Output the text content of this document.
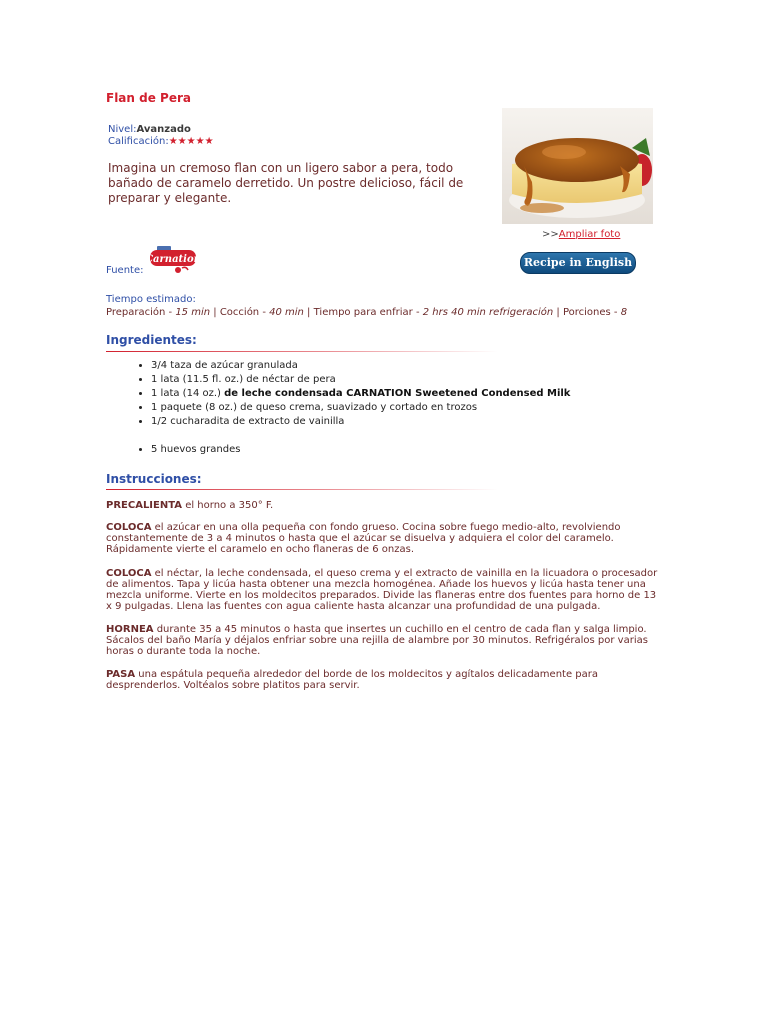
Flan de Pera
Nivel:Avanzado
Calificación:★★★★★
Imagina un cremoso flan con un ligero sabor a pera, todo bañado de caramelo derretido. Un postre delicioso, fácil de preparar y elegante.
>>Ampliar foto
Fuente:
Carnation	Recipe in English
Tiempo estimado:
Preparación - 15 min | Cocción - 40 min | Tiempo para enfriar - 2 hrs 40 min refrigeración | Porciones - 8
Ingredientes:
• 3/4 taza de azúcar granulada
• 1 lata (11.5 fl. oz.) de néctar de pera
• 1 lata (14 oz.) de leche condensada CARNATION Sweetened Condensed Milk
• 1 paquete (8 oz.) de queso crema, suavizado y cortado en trozos
• 1/2 cucharadita de extracto de vainilla
• 5 huevos grandes
Instrucciones:
PRECALIENTA el horno a 350° F.
COLOCA el azúcar en una olla pequeña con fondo grueso. Cocina sobre fuego medio-alto, revolviendo constantemente de 3 a 4 minutos o hasta que el azúcar se disuelva y adquiera el color del caramelo. Rápidamente vierte el caramelo en ocho flaneras de 6 onzas.
COLOCA el néctar, la leche condensada, el queso crema y el extracto de vainilla en la licuadora o procesador de alimentos. Tapa y licúa hasta obtener una mezcla homogénea. Añade los huevos y licúa hasta tener una mezcla uniforme. Vierte en los moldecitos preparados. Divide las flaneras entre dos fuentes para horno de 13 x 9 pulgadas. Llena las fuentes con agua caliente hasta alcanzar una profundidad de una pulgada.
HORNEA durante 35 a 45 minutos o hasta que insertes un cuchillo en el centro de cada flan y salga limpio. Sácalos del baño María y déjalos enfriar sobre una rejilla de alambre por 30 minutos. Refrigéralos por varias horas o durante toda la noche.
PASA una espátula pequeña alrededor del borde de los moldecitos y agítalos delicadamente para desprenderlos. Voltéalos sobre platitos para servir.
